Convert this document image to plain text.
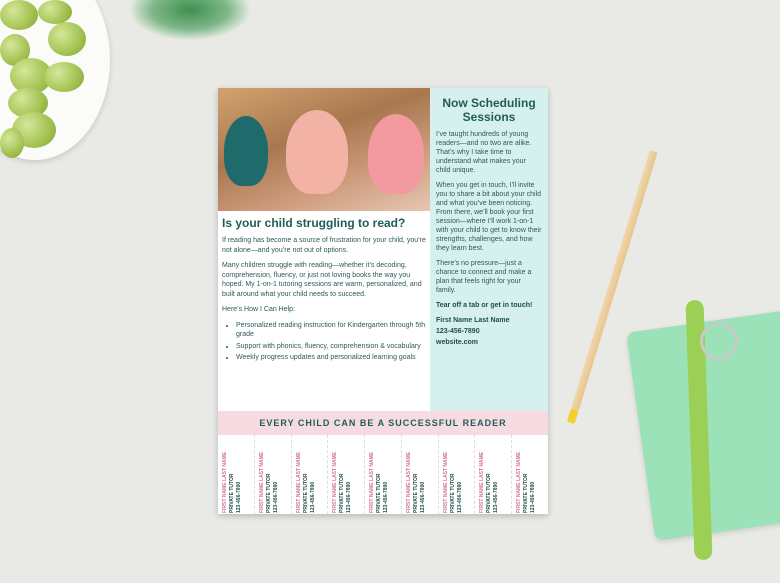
Now Scheduling Sessions

I’ve taught hundreds of young readers—and no two are alike. That’s why I take time to understand what makes your child unique.

When you get in touch, I’ll invite you to share a bit about your child and what you’ve been noticing. From there, we’ll book your first session—where I’ll work 1-on-1 with your child to get to know their strengths, challenges, and how they learn best.

There’s no pressure—just a chance to connect and make a plan that feels right for your family.

Tear off a tab or get in touch!

First Name Last Name

123-456-7890

website.com

Is your child struggling to read?

If reading has become a source of frustration for your child, you’re not alone—and you’re not out of options.

Many children struggle with reading—whether it’s decoding, comprehension, fluency, or just not loving books the way you hoped. My 1-on-1 tutoring sessions are warm, personalized, and built around what your child needs to succeed.

Here’s How I Can Help:

• Personalized reading instruction for Kindergarten through 5th grade
• Support with phonics, fluency, comprehension & vocabulary
• Weekly progress updates and personalized learning goals
EVERY CHILD CAN BE A SUCCESSFUL READER
FIRST NAME LAST NAME PRIVATE TUTOR 123-456-7890	FIRST NAME LAST NAME PRIVATE TUTOR 123-456-7890	FIRST NAME LAST NAME PRIVATE TUTOR 123-456-7890	FIRST NAME LAST NAME PRIVATE TUTOR 123-456-7890	FIRST NAME LAST NAME PRIVATE TUTOR 123-456-7890	FIRST NAME LAST NAME PRIVATE TUTOR 123-456-7890	FIRST NAME LAST NAME PRIVATE TUTOR 123-456-7890	FIRST NAME LAST NAME PRIVATE TUTOR 123-456-7890	FIRST NAME LAST NAME PRIVATE TUTOR 123-456-7890
